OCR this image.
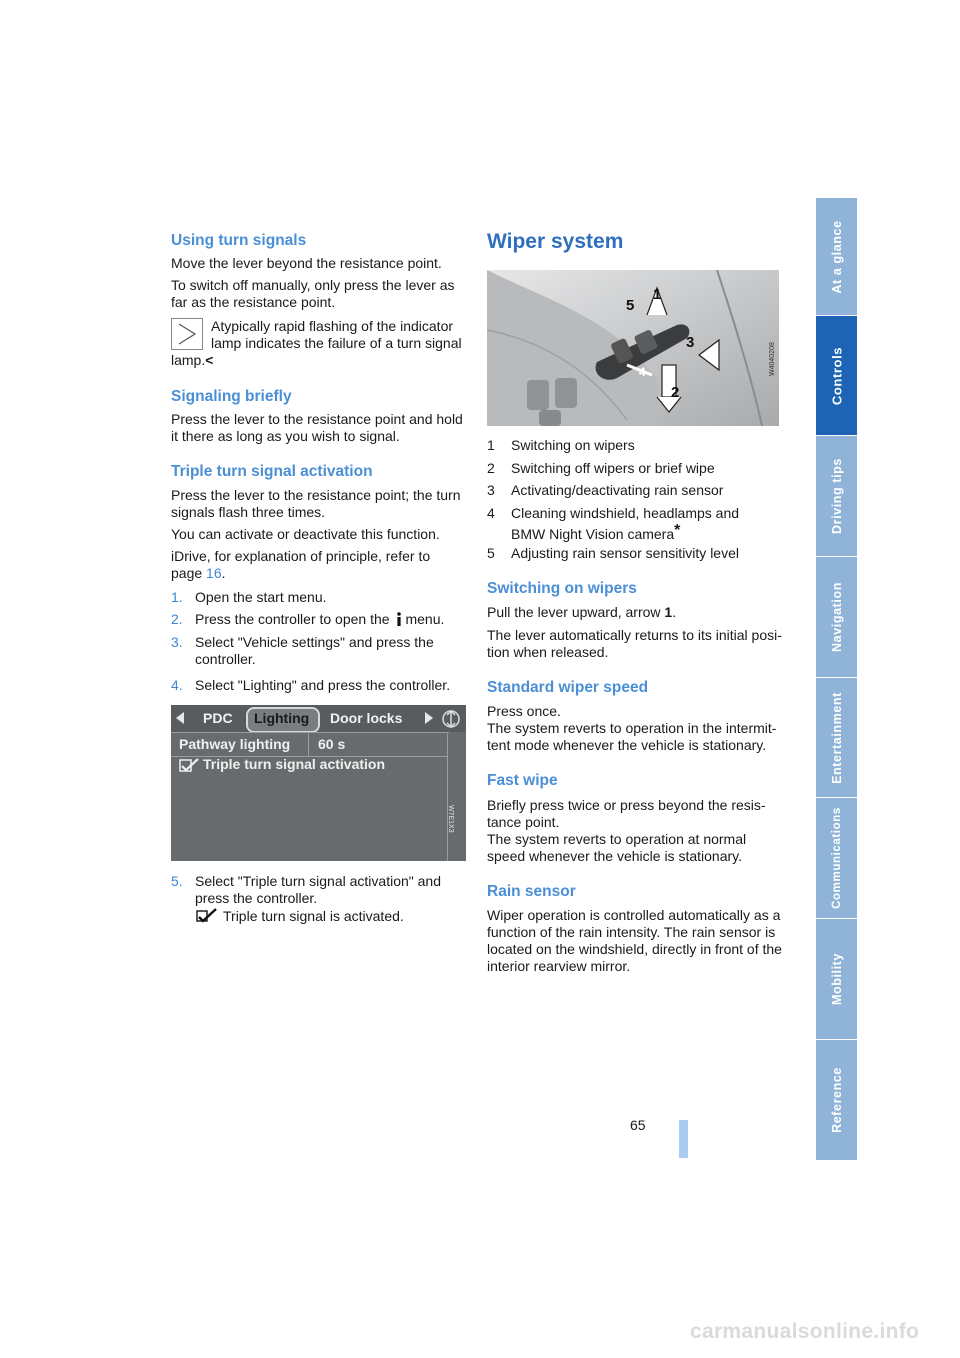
At a glance
Controls
Driving tips
Navigation
Entertainment
Communications
Mobility
Reference
Using turn signals

Move the lever beyond the resistance point.

To switch off manually, only press the lever as

far as the resistance point.

Atypically rapid flashing of the indicator

lamp indicates the failure of a turn signal

lamp.<

Signaling briefly

Press the lever to the resistance point and hold

it there as long as you wish to signal.

Triple turn signal activation

Press the lever to the resistance point; the turn

signals flash three times.

You can activate or deactivate this function.

iDrive, for explanation of principle, refer to

page 16.

1. Open the start menu.
2. Press the controller to open the menu.
3. Select "Vehicle settings" and press the
controller.
4. Select "Lighting" and press the controller.
PDC Lighting Door locks
Pathway lighting 60 s
Triple turn signal activation
W7E1X3
5. Select "Triple turn signal activation" and
press the controller.
Triple turn signal is activated.
Wiper system
1
2
3
4
5
W4040208
1 Switching on wipers
2 Switching off wipers or brief wipe
3 Activating/deactivating rain sensor
4 Cleaning windshield, headlamps and
BMW Night Vision camera*
5 Adjusting rain sensor sensitivity level
Switching on wipers

Pull the lever upward, arrow 1.

The lever automatically returns to its initial posi-

tion when released.

Standard wiper speed

Press once.

The system reverts to operation in the intermit-

tent mode whenever the vehicle is stationary.

Fast wipe

Briefly press twice or press beyond the resis-

tance point.

The system reverts to operation at normal

speed whenever the vehicle is stationary.

Rain sensor

Wiper operation is controlled automatically as a

function of the rain intensity. The rain sensor is

located on the windshield, directly in front of the

interior rearview mirror.

65
carmanualsonline.info
